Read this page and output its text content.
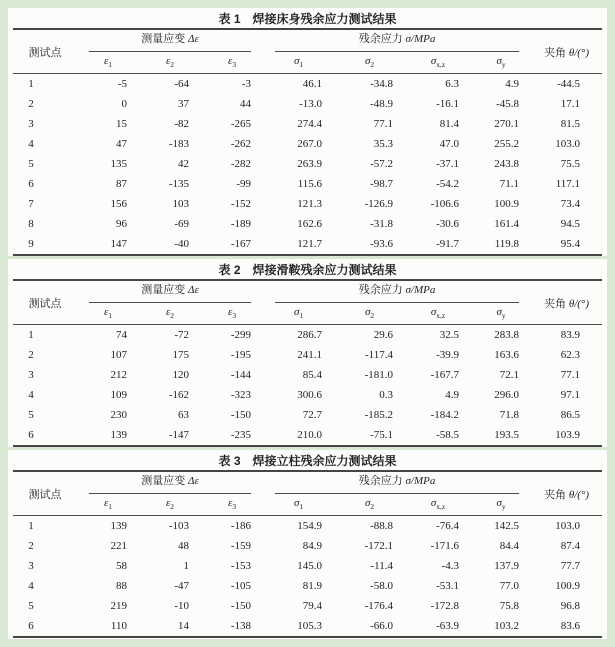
表 1　焊接床身残余应力测试结果
测试点	测量应变 Δε			残余应力 σ/MPa				夹角 θ/(°)
	$\varepsilon_1$	$\varepsilon_2$	$\varepsilon_3$	$\sigma_1$	$\sigma_2$	$\sigma_{x,z}$	$\sigma_y$
1	-5	-64	-3	46.1	-34.8	6.3	4.9	-44.5
2	0	37	44	-13.0	-48.9	-16.1	-45.8	17.1
3	15	-82	-265	274.4	77.1	81.4	270.1	81.5
4	47	-183	-262	267.0	35.3	47.0	255.2	103.0
5	135	42	-282	263.9	-57.2	-37.1	243.8	75.5
6	87	-135	-99	115.6	-98.7	-54.2	71.1	117.1
7	156	103	-152	121.3	-126.9	-106.6	100.9	73.4
8	96	-69	-189	162.6	-31.8	-30.6	161.4	94.5
9	147	-40	-167	121.7	-93.6	-91.7	119.8	95.4
表 2　焊接滑鞍残余应力测试结果
测试点	测量应变 Δε			残余应力 σ/MPa				夹角 θ/(°)
	$\varepsilon_1$	$\varepsilon_2$	$\varepsilon_3$	$\sigma_1$	$\sigma_2$	$\sigma_{x,z}$	$\sigma_y$
1	74	-72	-299	286.7	29.6	32.5	283.8	83.9
2	107	175	-195	241.1	-117.4	-39.9	163.6	62.3
3	212	120	-144	85.4	-181.0	-167.7	72.1	77.1
4	109	-162	-323	300.6	0.3	4.9	296.0	97.1
5	230	63	-150	72.7	-185.2	-184.2	71.8	86.5
6	139	-147	-235	210.0	-75.1	-58.5	193.5	103.9
表 3　焊接立柱残余应力测试结果
测试点	测量应变 Δε			残余应力 σ/MPa				夹角 θ/(°)
	$\varepsilon_1$	$\varepsilon_2$	$\varepsilon_3$	$\sigma_1$	$\sigma_2$	$\sigma_{x,z}$	$\sigma_y$
1	139	-103	-186	154.9	-88.8	-76.4	142.5	103.0
2	221	48	-159	84.9	-172.1	-171.6	84.4	87.4
3	58	1	-153	145.0	-11.4	-4.3	137.9	77.7
4	88	-47	-105	81.9	-58.0	-53.1	77.0	100.9
5	219	-10	-150	79.4	-176.4	-172.8	75.8	96.8
6	110	14	-138	105.3	-66.0	-63.9	103.2	83.6
